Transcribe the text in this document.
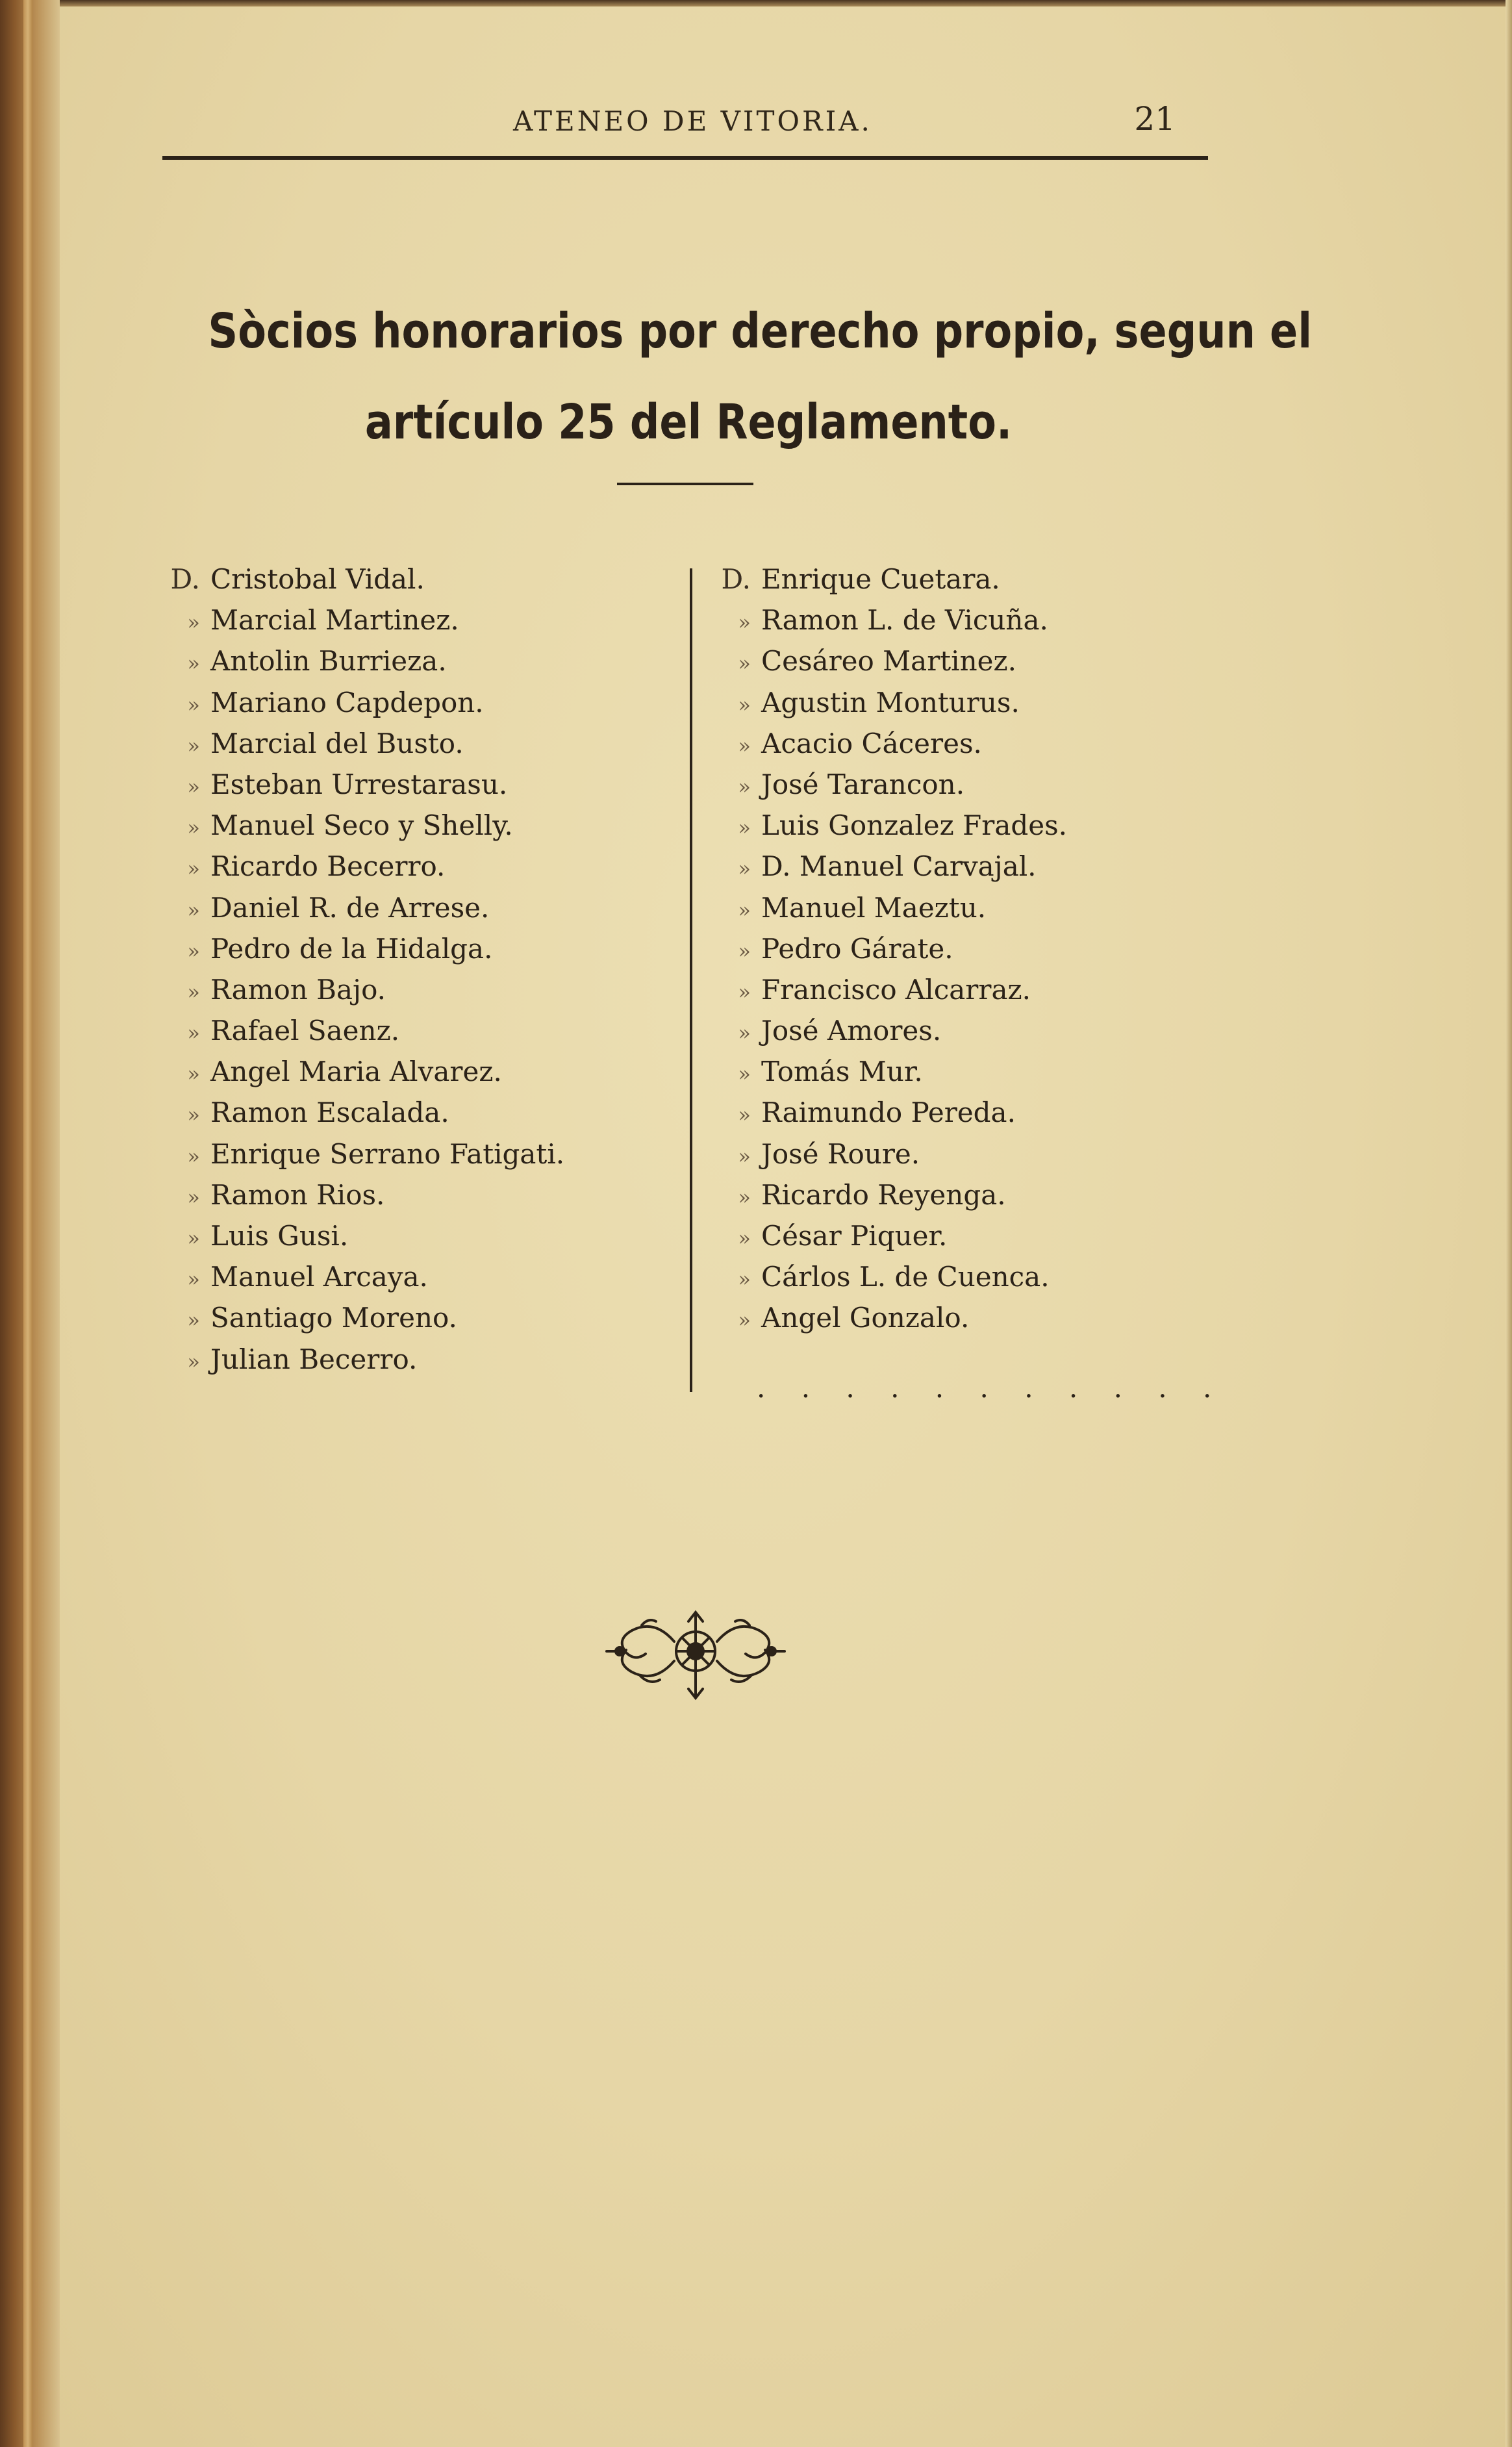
ATENEO DE VITORIA.	21
Sòcios honorarios por derecho propio, segun el
artículo 25 del Reglamento.
D. Cristobal Vidal.
» Marcial Martinez.
» Antolin Burrieza.
» Mariano Capdepon.
» Marcial del Busto.
» Esteban Urrestarasu.
» Manuel Seco y Shelly.
» Ricardo Becerro.
» Daniel R. de Arrese.
» Pedro de la Hidalga.
» Ramon Bajo.
» Rafael Saenz.
» Angel Maria Alvarez.
» Ramon Escalada.
» Enrique Serrano Fatigati.
» Ramon Rios.
» Luis Gusi.
» Manuel Arcaya.
» Santiago Moreno.
» Julian Becerro.
D. Enrique Cuetara.
» Ramon L. de Vicuña.
» Cesáreo Martinez.
» Agustin Monturus.
» Acacio Cáceres.
» José Tarancon.
» Luis Gonzalez Frades.
» D. Manuel Carvajal.
» Manuel Maeztu.
» Pedro Gárate.
» Francisco Alcarraz.
» José Amores.
» Tomás Mur.
» Raimundo Pereda.
» José Roure.
» Ricardo Reyenga.
» César Piquer.
» Cárlos L. de Cuenca.
» Angel Gonzalo.
. . . . . . . . . . .
